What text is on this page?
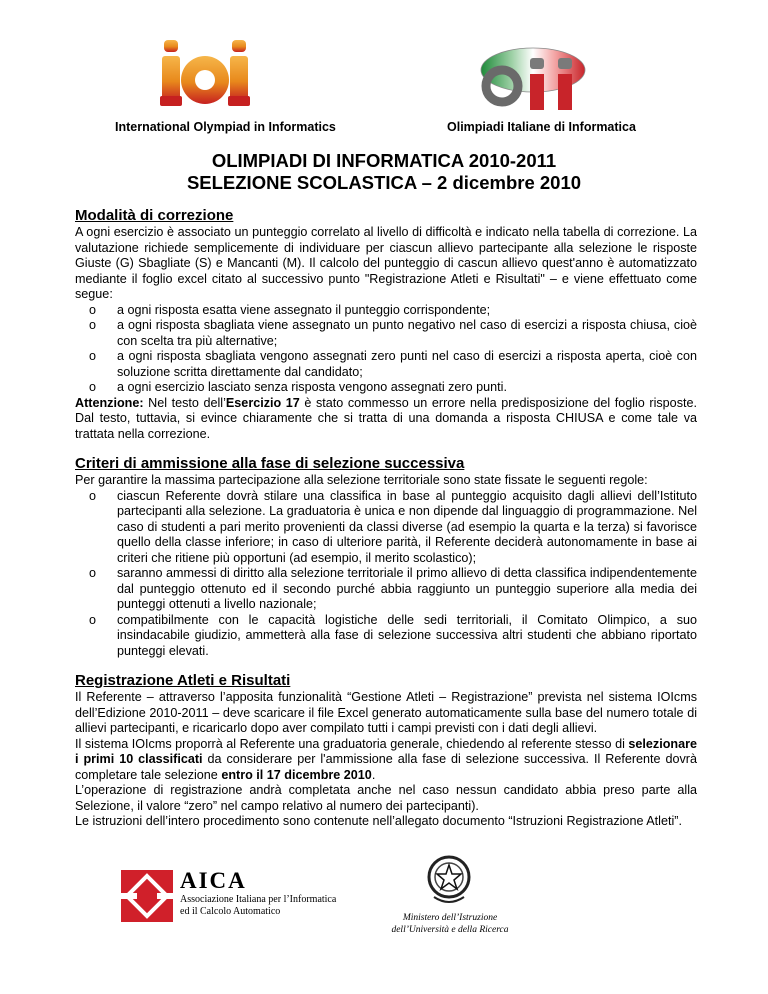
International Olympiad in Informatics	Olimpiadi Italiane di Informatica
OLIMPIADI DI INFORMATICA 2010-2011
SELEZIONE SCOLASTICA – 2 dicembre 2010
Modalità di correzione

A ogni esercizio è associato un punteggio correlato al livello di difficoltà e indicato nella tabella di correzione. La valutazione richiede semplicemente di individuare per ciascun allievo partecipante alla selezione le risposte Giuste (G) Sbagliate (S) e Mancanti (M). Il calcolo del punteggio di cascun allievo quest'anno è automatizzato mediante il foglio excel citato al successivo punto "Registrazione Atleti e Risultati" – e viene effettuato come segue:

o a ogni risposta esatta viene assegnato il punteggio corrispondente;
o a ogni risposta sbagliata viene assegnato un punto negativo nel caso di esercizi a risposta chiusa, cioè con scelta tra più alternative;
o a ogni risposta sbagliata vengono assegnati zero punti nel caso di esercizi a risposta aperta, cioè con soluzione scritta direttamente dal candidato;
o a ogni esercizio lasciato senza risposta vengono assegnati zero punti.

Attenzione: Nel testo dell’Esercizio 17 è stato commesso un errore nella predisposizione del foglio risposte. Dal testo, tuttavia, si evince chiaramente che si tratta di una domanda a risposta CHIUSA e come tale va trattata nella correzione.

Criteri di ammissione alla fase di selezione successiva

Per garantire la massima partecipazione alla selezione territoriale sono state fissate le seguenti regole:

o ciascun Referente dovrà stilare una classifica in base al punteggio acquisito dagli allievi dell’Istituto partecipanti alla selezione. La graduatoria è unica e non dipende dal linguaggio di programmazione. Nel caso di studenti a pari merito provenienti da classi diverse (ad esempio la quarta e la terza) si favorisce quello della classe inferiore; in caso di ulteriore parità, il Referente deciderà autonomamente in base ai criteri che ritiene più opportuni (ad esempio, il merito scolastico);
o saranno ammessi di diritto alla selezione territoriale il primo allievo di detta classifica indipendentemente dal punteggio ottenuto ed il secondo purché abbia raggiunto un punteggio superiore alla media dei punteggi ottenuti a livello nazionale;
o compatibilmente con le capacità logistiche delle sedi territoriali, il Comitato Olimpico, a suo insindacabile giudizio, ammetterà alla fase di selezione successiva altri studenti che abbiano riportato punteggi elevati.
Registrazione Atleti e Risultati

Il Referente – attraverso l’apposita funzionalità “Gestione Atleti – Registrazione” prevista nel sistema IOIcms dell’Edizione 2010-2011 – deve scaricare il file Excel generato automaticamente sulla base del numero totale di allievi partecipanti, e ricaricarlo dopo aver compilato tutti i campi previsti con i dati degli allievi.

Il sistema IOIcms proporrà al Referente una graduatoria generale, chiedendo al referente stesso di selezionare i primi 10 classificati da considerare per l'ammissione alla fase di selezione successiva. Il Referente dovrà completare tale selezione entro il 17 dicembre 2010.

L’operazione di registrazione andrà completata anche nel caso nessun candidato abbia preso parte alla Selezione, il valore “zero” nel campo relativo al numero dei partecipanti).

Le istruzioni dell’intero procedimento sono contenute nell’allegato documento “Istruzioni Registrazione Atleti”.

AICA
Associazione Italiana per l’Informatica
ed il Calcolo Automatico
Ministero dell’Istruzione
dell’Università e della Ricerca
